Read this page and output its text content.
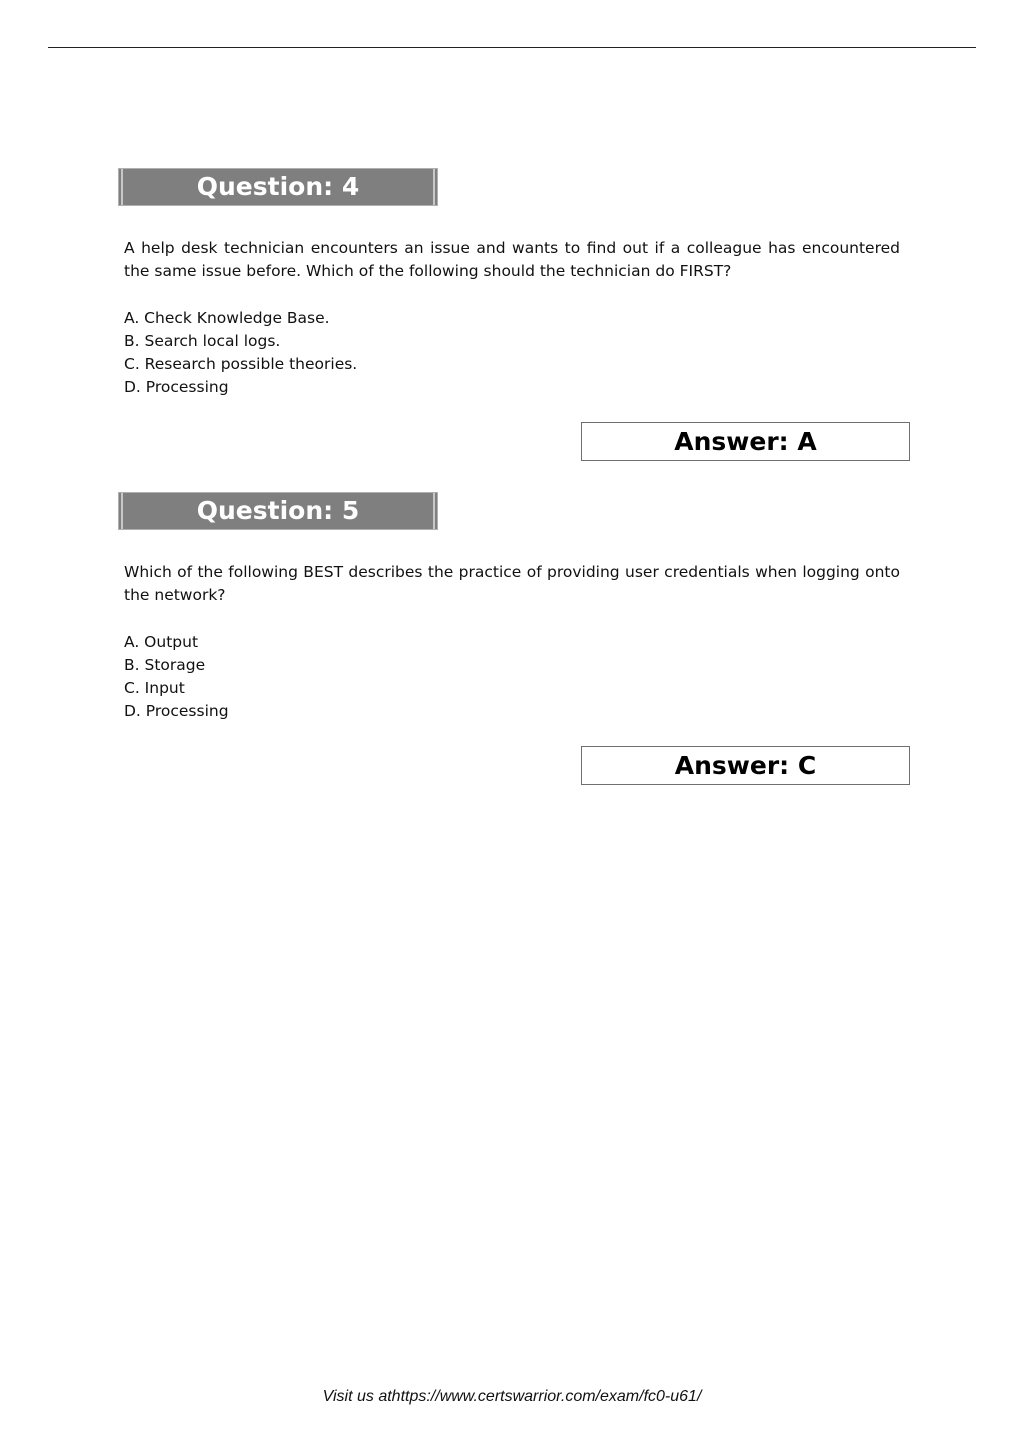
Question: 4

A help desk technician encounters an issue and wants to find out if a colleague has encountered the same issue before. Which of the following should the technician do FIRST?

A. Check Knowledge Base.
B. Search local logs.
C. Research possible theories.
D. Processing
Answer: A
Question: 5

Which of the following BEST describes the practice of providing user credentials when logging onto the network?

A. Output
B. Storage
C. Input
D. Processing
Answer: C
Visit us athttps://www.certswarrior.com/exam/fc0-u61/
